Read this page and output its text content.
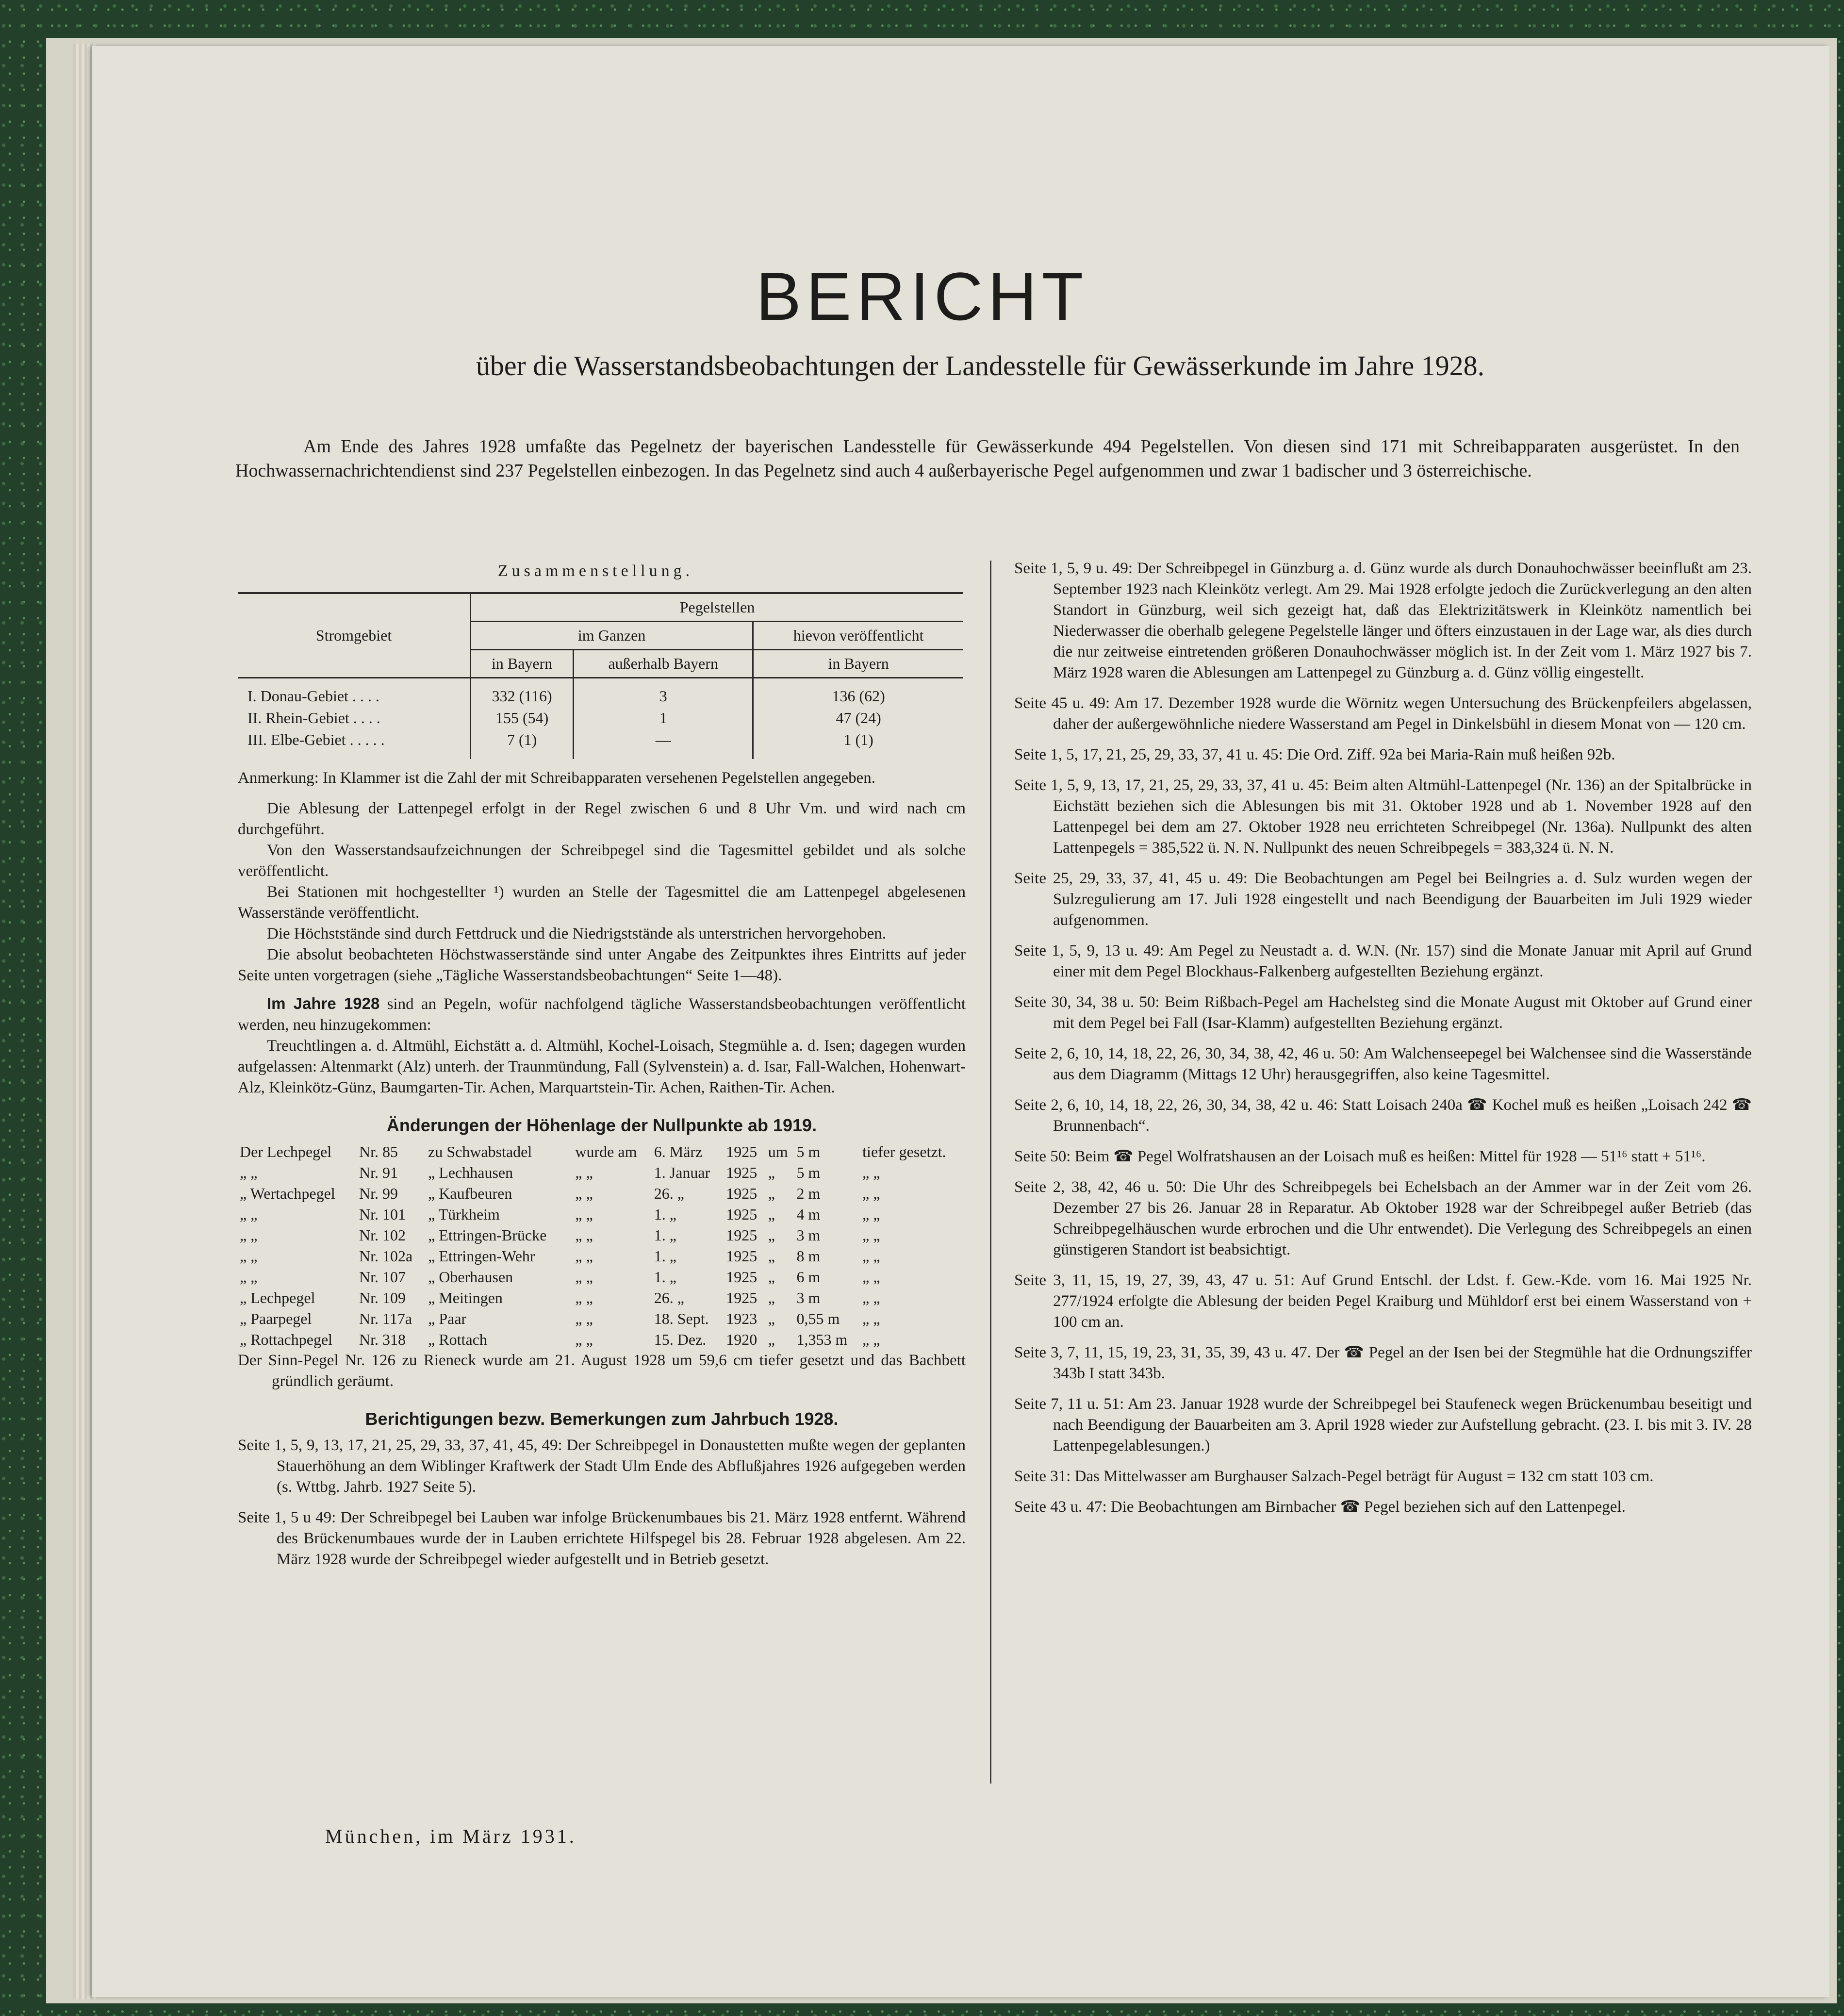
BERICHT
über die Wasserstandsbeobachtungen der Landesstelle für Gewässerkunde im Jahre 1928.
Am Ende des Jahres 1928 umfaßte das Pegelnetz der bayerischen Landesstelle für Gewässerkunde 494 Pegelstellen. Von diesen sind 171 mit Schreibapparaten ausgerüstet. In den Hochwassernachrichtendienst sind 237 Pegelstellen einbezogen. In das Pegelnetz sind auch 4 außerbayerische Pegel aufgenommen und zwar 1 badischer und 3 österreichische.
Zusammenstellung.
Stromgebiet	Pegelstellen		
	im Ganzen		hievon veröffentlicht
	in Bayern	außerhalb Bayern	in Bayern
I. Donau-Gebiet . . . .	332 (116)	3	136 (62)
II. Rhein-Gebiet . . . .	155 (54)	1	47 (24)
III. Elbe-Gebiet . . . . .	7 (1)	—	1 (1)

Anmerkung: In Klammer ist die Zahl der mit Schreibapparaten versehenen Pegelstellen angegeben.

Die Ablesung der Lattenpegel erfolgt in der Regel zwischen 6 und 8 Uhr Vm. und wird nach cm durchgeführt.

Von den Wasserstandsaufzeichnungen der Schreibpegel sind die Tagesmittel gebildet und als solche veröffentlicht.

Bei Stationen mit hochgestellter ¹) wurden an Stelle der Tagesmittel die am Lattenpegel abgelesenen Wasserstände veröffentlicht.

Die Höchststände sind durch Fettdruck und die Niedrigststände als unterstrichen hervorgehoben.

Die absolut beobachteten Höchstwasserstände sind unter Angabe des Zeitpunktes ihres Eintritts auf jeder Seite unten vorgetragen (siehe „Tägliche Wasserstandsbeobachtungen“ Seite 1—48).

Im Jahre 1928 sind an Pegeln, wofür nachfolgend tägliche Wasserstandsbeobachtungen veröffentlicht werden, neu hinzugekommen:

Treuchtlingen a. d. Altmühl, Eichstätt a. d. Altmühl, Kochel-Loisach, Stegmühle a. d. Isen; dagegen wurden aufgelassen: Altenmarkt (Alz) unterh. der Traunmündung, Fall (Sylvenstein) a. d. Isar, Fall-Walchen, Hohenwart-Alz, Kleinkötz-Günz, Baumgarten-Tir. Achen, Marquartstein-Tir. Achen, Raithen-Tir. Achen.

Änderungen der Höhenlage der Nullpunkte ab 1919.
Der Lechpegel	Nr. 85	zu Schwabstadel	wurde am	6. März	1925	um	5 m	tiefer gesetzt.
„ „	Nr. 91	„ Lechhausen	„ „	1. Januar	1925	„	5 m	„ „
„ Wertachpegel	Nr. 99	„ Kaufbeuren	„ „	26. „	1925	„	2 m	„ „
„ „	Nr. 101	„ Türkheim	„ „	1. „	1925	„	4 m	„ „
„ „	Nr. 102	„ Ettringen-Brücke	„ „	1. „	1925	„	3 m	„ „
„ „	Nr. 102a	„ Ettringen-Wehr	„ „	1. „	1925	„	8 m	„ „
„ „	Nr. 107	„ Oberhausen	„ „	1. „	1925	„	6 m	„ „
„ Lechpegel	Nr. 109	„ Meitingen	„ „	26. „	1925	„	3 m	„ „
„ Paarpegel	Nr. 117a	„ Paar	„ „	18. Sept.	1923	„	0,55 m	„ „
„ Rottachpegel	Nr. 318	„ Rottach	„ „	15. Dez.	1920	„	1,353 m	„ „

Der Sinn-Pegel Nr. 126 zu Rieneck wurde am 21. August 1928 um 59,6 cm tiefer gesetzt und das Bachbett gründlich geräumt.

Berichtigungen bezw. Bemerkungen zum Jahrbuch 1928.

Seite 1, 5, 9, 13, 17, 21, 25, 29, 33, 37, 41, 45, 49: Der Schreibpegel in Donaustetten mußte wegen der geplanten Stauerhöhung an dem Wiblinger Kraftwerk der Stadt Ulm Ende des Abflußjahres 1926 aufgegeben werden (s. Wttbg. Jahrb. 1927 Seite 5).

Seite 1, 5 u 49: Der Schreibpegel bei Lauben war infolge Brückenumbaues bis 21. März 1928 entfernt. Während des Brückenumbaues wurde der in Lauben errichtete Hilfspegel bis 28. Februar 1928 abgelesen. Am 22. März 1928 wurde der Schreibpegel wieder aufgestellt und in Betrieb gesetzt.

Seite 1, 5, 9 u. 49: Der Schreibpegel in Günzburg a. d. Günz wurde als durch Donauhochwässer beeinflußt am 23. September 1923 nach Kleinkötz verlegt. Am 29. Mai 1928 erfolgte jedoch die Zurückverlegung an den alten Standort in Günzburg, weil sich gezeigt hat, daß das Elektrizitätswerk in Kleinkötz namentlich bei Niederwasser die oberhalb gelegene Pegelstelle länger und öfters einzustauen in der Lage war, als dies durch die nur zeitweise eintretenden größeren Donauhochwässer möglich ist. In der Zeit vom 1. März 1927 bis 7. März 1928 waren die Ablesungen am Lattenpegel zu Günzburg a. d. Günz völlig eingestellt.

Seite 45 u. 49: Am 17. Dezember 1928 wurde die Wörnitz wegen Untersuchung des Brückenpfeilers abgelassen, daher der außergewöhnliche niedere Wasserstand am Pegel in Dinkelsbühl in diesem Monat von — 120 cm.

Seite 1, 5, 17, 21, 25, 29, 33, 37, 41 u. 45: Die Ord. Ziff. 92a bei Maria-Rain muß heißen 92b.

Seite 1, 5, 9, 13, 17, 21, 25, 29, 33, 37, 41 u. 45: Beim alten Altmühl-Lattenpegel (Nr. 136) an der Spitalbrücke in Eichstätt beziehen sich die Ablesungen bis mit 31. Oktober 1928 und ab 1. November 1928 auf den Lattenpegel bei dem am 27. Oktober 1928 neu errichteten Schreibpegel (Nr. 136a). Nullpunkt des alten Lattenpegels = 385,522 ü. N. N. Nullpunkt des neuen Schreibpegels = 383,324 ü. N. N.

Seite 25, 29, 33, 37, 41, 45 u. 49: Die Beobachtungen am Pegel bei Beilngries a. d. Sulz wurden wegen der Sulzregulierung am 17. Juli 1928 eingestellt und nach Beendigung der Bauarbeiten im Juli 1929 wieder aufgenommen.

Seite 1, 5, 9, 13 u. 49: Am Pegel zu Neustadt a. d. W.N. (Nr. 157) sind die Monate Januar mit April auf Grund einer mit dem Pegel Blockhaus-Falkenberg aufgestellten Beziehung ergänzt.

Seite 30, 34, 38 u. 50: Beim Rißbach-Pegel am Hachelsteg sind die Monate August mit Oktober auf Grund einer mit dem Pegel bei Fall (Isar-Klamm) aufgestellten Beziehung ergänzt.

Seite 2, 6, 10, 14, 18, 22, 26, 30, 34, 38, 42, 46 u. 50: Am Walchenseepegel bei Walchensee sind die Wasserstände aus dem Diagramm (Mittags 12 Uhr) herausgegriffen, also keine Tagesmittel.

Seite 2, 6, 10, 14, 18, 22, 26, 30, 34, 38, 42 u. 46: Statt Loisach 240a ☎ Kochel muß es heißen „Loisach 242 ☎ Brunnenbach“.

Seite 50: Beim ☎ Pegel Wolfratshausen an der Loisach muß es heißen: Mittel für 1928 — 51¹⁶ statt + 51¹⁶.

Seite 2, 38, 42, 46 u. 50: Die Uhr des Schreibpegels bei Echelsbach an der Ammer war in der Zeit vom 26. Dezember 27 bis 26. Januar 28 in Reparatur. Ab Oktober 1928 war der Schreibpegel außer Betrieb (das Schreibpegelhäuschen wurde erbrochen und die Uhr entwendet). Die Verlegung des Schreibpegels an einen günstigeren Standort ist beabsichtigt.

Seite 3, 11, 15, 19, 27, 39, 43, 47 u. 51: Auf Grund Entschl. der Ldst. f. Gew.-Kde. vom 16. Mai 1925 Nr. 277/1924 erfolgte die Ablesung der beiden Pegel Kraiburg und Mühldorf erst bei einem Wasserstand von + 100 cm an.

Seite 3, 7, 11, 15, 19, 23, 31, 35, 39, 43 u. 47. Der ☎ Pegel an der Isen bei der Stegmühle hat die Ordnungsziffer 343b I statt 343b.

Seite 7, 11 u. 51: Am 23. Januar 1928 wurde der Schreibpegel bei Staufeneck wegen Brückenumbau beseitigt und nach Beendigung der Bauarbeiten am 3. April 1928 wieder zur Aufstellung gebracht. (23. I. bis mit 3. IV. 28 Lattenpegelablesungen.)

Seite 31: Das Mittelwasser am Burghauser Salzach-Pegel beträgt für August = 132 cm statt 103 cm.

Seite 43 u. 47: Die Beobachtungen am Birnbacher ☎ Pegel beziehen sich auf den Lattenpegel.

München, im März 1931.
